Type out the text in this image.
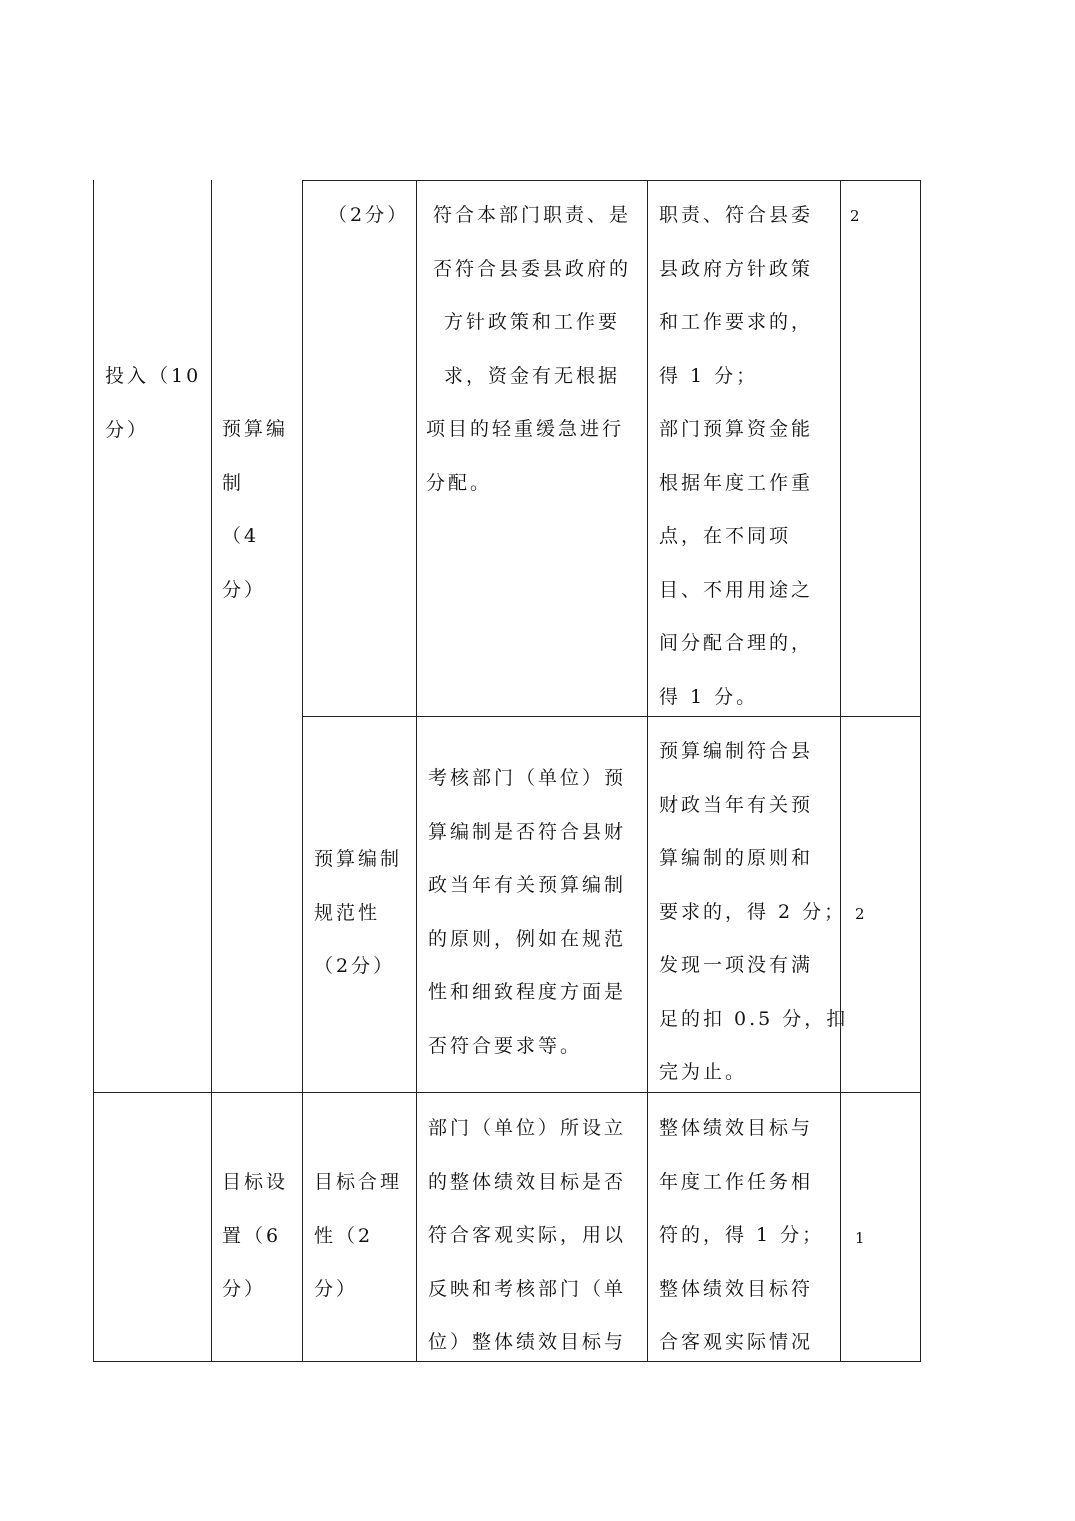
投入（10
分）	预算编
制
（4
分）
目标设
置（6
分）
（2分）	符合本部门职责、是
否符合县委县政府的
方针政策和工作要
求，资金有无根据
项目的轻重缓急进行
分配。
职责、符合县委
县政府方针政策
和工作要求的，
得 1 分；
部门预算资金能
根据年度工作重
点，在不同项
目、不用用途之
间分配合理的，
得 1 分。
2
预算编制
规范性
（2分）
考核部门（单位）预
算编制是否符合县财
政当年有关预算编制
的原则，例如在规范
性和细致程度方面是
否符合要求等。
预算编制符合县
财政当年有关预
算编制的原则和
要求的，得 2 分；
发现一项没有满
足的扣 0.5 分，扣
完为止。
2
目标合理
性（2
分）
部门（单位）所设立
的整体绩效目标是否
符合客观实际，用以
反映和考核部门（单
位）整体绩效目标与
整体绩效目标与
年度工作任务相
符的，得 1 分；
整体绩效目标符
合客观实际情况
1
